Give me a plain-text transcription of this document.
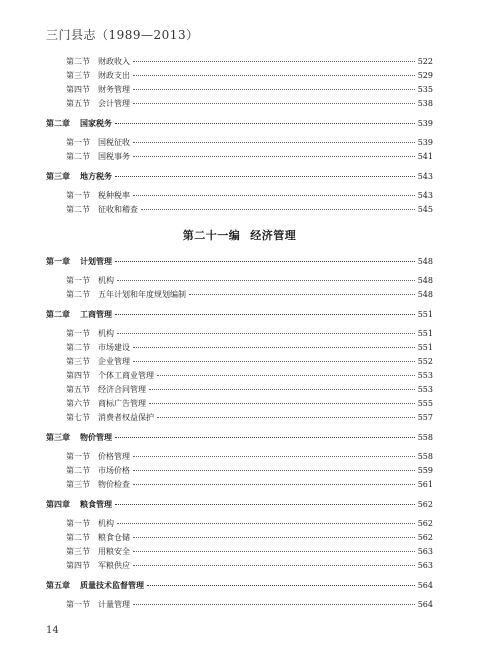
三门县志（1989—2013）
第二节 财政收入	522
第三节 财政支出	529
第四节 财务管理	535
第五节 会计管理	538
第二章 国家税务	539
第一节 国税征收	539
第二节 国税事务	541
第三章 地方税务	543
第一节 税种税率	543
第二节 征收和稽查	545
第二十一编 经济管理
第一章 计划管理	548
第一节 机构	548
第二节 五年计划和年度规划编制	548
第二章 工商管理	551
第一节 机构	551
第二节 市场建设	551
第三节 企业管理	552
第四节 个体工商业管理	553
第五节 经济合同管理	553
第六节 商标广告管理	555
第七节 消费者权益保护	557
第三章 物价管理	558
第一节 价格管理	558
第二节 市场价格	559
第三节 物价检查	561
第四章 粮食管理	562
第一节 机构	562
第二节 粮食仓储	562
第三节 用粮安全	563
第四节 军粮供应	563
第五章 质量技术监督管理	564
第一节 计量管理	564
14
